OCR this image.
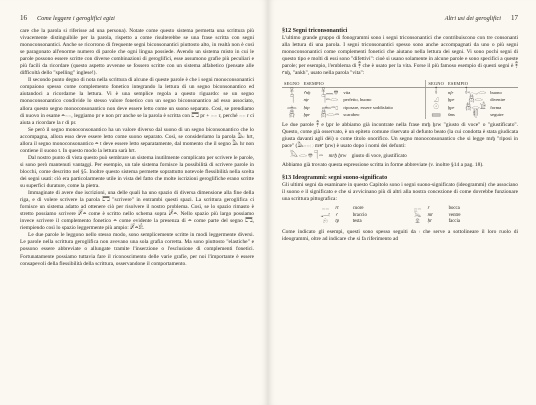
16 Come leggere i geroglifici egizi

care che la parola si riferisse ad una persona). Notate come questo sistema permetta una scrittura più vivacemente distinguibile per la parola, rispetto a come risulterebbe se una frase scritta con segni monoconsonantici. Anche se ricorrono di frequente segni biconsonantici piuttosto alto, in realtà non è così se paragonato all'enorme numero di parole che ogni lingua possiede. Avendo un sistema misto in cui le parole possono essere scritte con diverse combinazioni di geroglifici, esse assumono grafie più peculiari e più facili da ricordare (questo aspetto avvenne se fossero scritte con un sistema alfabetico (pensate alle difficoltà dello "spelling" inglese!).

Il secondo punto degno di nota nella scrittura di alcune di queste parole è che i segni monoconsonantici compaiono spesso come complemento fonetico integrando la lettura di un segno biconsonantico ed aiutandoci a ricordarne la lettura. Vi è una semplice regola a questo riguardo: se un segno monoconsonantico condivide lo stesso valore fonetico con un segno biconsonantico ad esso associato, allora questo segno monoconsonantico non deve essere letto come un suono separato. Così, se prendiamo di nuovo in esame 𓏏𓂋, leggiamo pr e non prr anche se la parola è scritta con 𓉐 pr + 𓂋 r, perché 𓂋 r ci aiuta a ricordare la r di pr.

Se però il segno monoconsonantico ha un valore diverso dal suono di un segno biconsonantico che lo accompagna, allora esso deve essere letto come suono separato. Così, se consideriamo la parola 𓅓𓏤 hrt, allora il segno monoconsonantico 𓏏 t deve essere letto separatamente, dal momento che il segno 𓅓 hr non contiene il suono t. In questo modo la lettura sarà hrt.

Dal nostro punto di vista questo può sembrare un sistema inutilmente complicato per scrivere le parole, si sono però mantenuti vantaggi. Per esempio, un tale sistema fornisce la possibilità di scrivere parole in blocchi, come descritto nel §5. Inoltre questo sistema permette soprattutto notevole flessibilità nella scelta dei segni usati: ciò era particolarmente utile in vista del fatto che molte iscrizioni geroglifiche erano scritte su superfici durature, come la pietra.

Immaginate di avere due iscrizioni, una delle quali ha uno spazio di diversa dimensione alla fine della riga, e di volere scrivere la parola 𓉐 "scrivere" in entrambi questi spazi. La scrittura geroglifica ci fornisce un sistema adatto ad ottenere ciò per risolvere il nostro problema. Così, se lo spazio rimasto è stretto possiamo scrivere 𓏞𓏏 come è scritto nello schema sopra 𓏞𓏏. Nello spazio più largo possiamo invece scrivere il complemento fonetico 𓏏 come evidente la presenza di 𓏏 come parte del segno 𓉐, riempiendo così lo spazio leggermente più ampio: 𓏞𓏏𓀀.

Le due parole le leggono nello stesso modo, sono semplicemente scritte in modi leggermente diversi. Le parole nella scrittura geroglifica non avevano una sola grafia corretta. Ma sono piuttosto "elastiche" e possono essere abbreviate o allungate tramite l'inserzione o l'esclusione di complementi fonetici. Fortunatamente possiamo tuttavia fare il riconoscimento delle varie grafie, per noi l'importante è essere consapevoli della flessibilità della scrittura, osservandone il comportamento.

Altri usi dei geroglifici 17
§12 Segni triconsonantici

L'ultimo grande gruppo di fonogrammi sono i segni triconsonantici che contribuiscono con tre consonanti alla lettura di una parola. I segni triconsonantici spesso sono anche accompagnati da uno o più segni monoconsonantici come complementi fonetici che aiutano nella lettura dei segni. Vi sono pochi segni di questo tipo e molti di essi sono "difettivi": cioè si usano solamente in alcune parole e sono specifici a queste parole; per esempio, l'emblema di 𓋹 che è usato per la vita. Forse il più famoso esempio di questi segni è 𓋹 ꜥnḫ, "ankh", usato nella parola "vita":

SEGNO	ESEMPIO			SEGNO	ESEMPIO		
𓋹	ꜥnḫ	𓋹𓈖𓐍	vita	𓄤	nfr	𓄤𓆑𓂋	buono
𓊹	nṯr	𓊹𓏏𓂋	perfetto, buono	𓈎	ḫpr	𓆣𓂋	divenire
𓊵	ḥtp	𓊵𓏏𓊪	riposare, essere soddisfatto	𓇳	ḫpr	𓆣𓂋𓀀	forma
𓆣	ḫpr	𓆣𓂋𓏏	scarabeo	𓈙	šms	𓌞𓋴	seguire

Le due parole 𓋹 e ḫpr le abbiamo già incontrate nella frase mrḫ ḫrw "giusto di voce" o "giustificato". Questo, come già osservato, è un epiteto comune riservato al defunto beato (la cui condotta è stata giudicata giusta davanti agli dèi) o come titolo onorifico. Un segno monoconsonantico che si legge mrḫ "riposi in pace" (𓅓𓂋𓐍 mꜣꜥ ḫrw) è usato dopo i nomi dei defunti:

𓅓𓂋𓐍𓊹𓏏 mrḫ ḫrw giusto di voce, giustificato

Abbiamo già trovato questa espressione scritta in forme abbreviate (v. inoltre §14 a pag. 18).

§13 Ideogrammi: segni suono-significato

Gli ultimi segni da esaminare in questo Capitolo sono i segni suono-significato (ideogrammi) che associano il suono e il significato e che si avvicinano più di altri alla nostra concezione di come dovrebbe funzionare una scrittura pittografica:

𓂋	rt	cuore		𓂋	r	bocca
𓂝	ꜥ	braccio		𓅓	mr	ventre
𓁶	tp	testa		𓁷	ḥr	faccia

Come indicato gli esempi, questi sono spesso seguiti da 𓏤 che serve a sottolineare il loro ruolo di ideogrammi, oltre ad indicare che si fa riferimento ad
